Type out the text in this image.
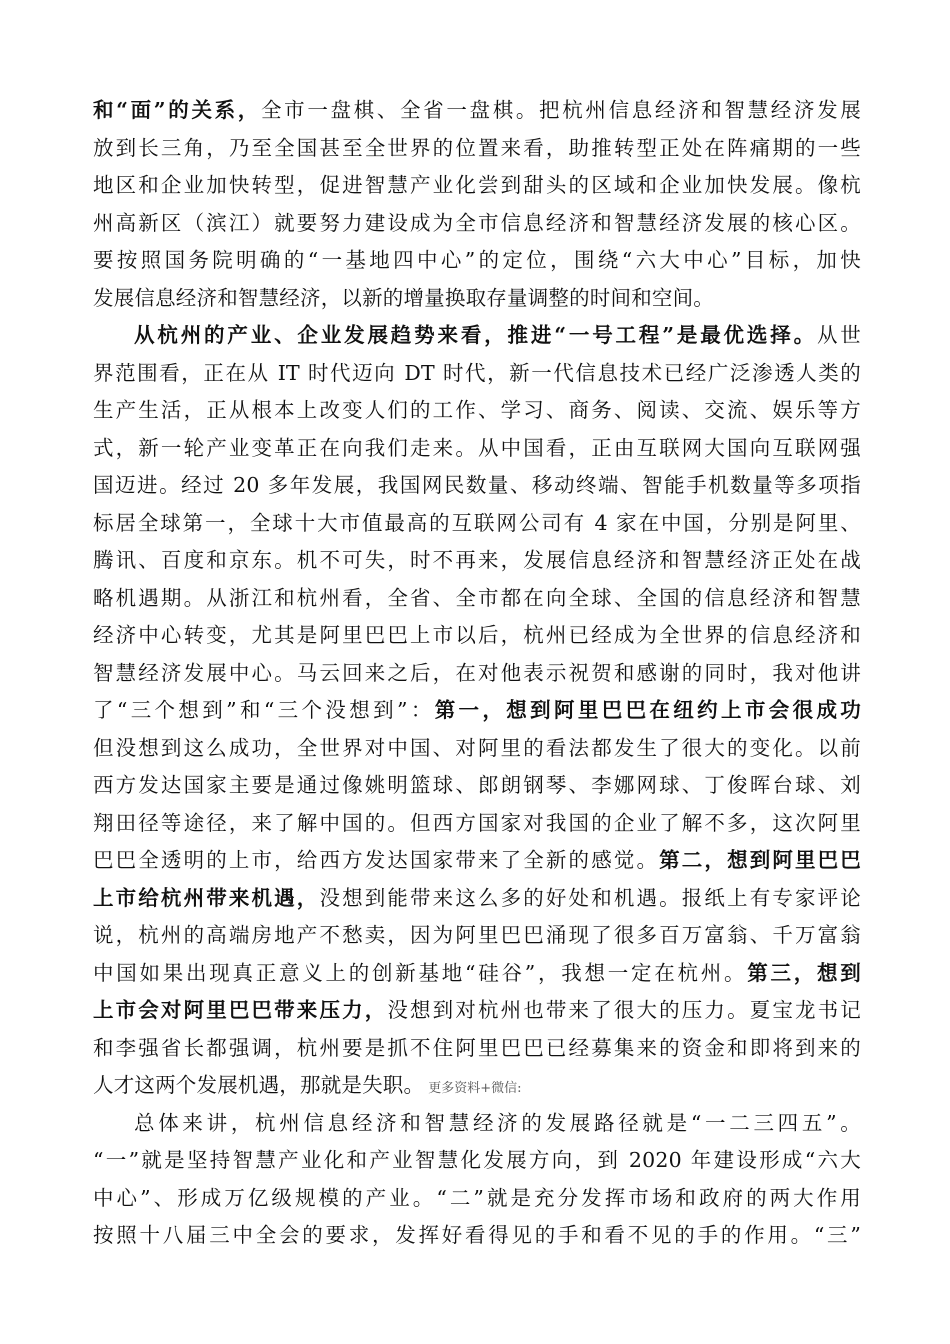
和“面”的关系，全市一盘棋、全省一盘棋。把杭州信息经济和智慧经济发展
放到长三角，乃至全国甚至全世界的位置来看，助推转型正处在阵痛期的一些
地区和企业加快转型，促进智慧产业化尝到甜头的区域和企业加快发展。像杭
州高新区（滨江）就要努力建设成为全市信息经济和智慧经济发展的核心区。
要按照国务院明确的“一基地四中心”的定位，围绕“六大中心”目标，加快
发展信息经济和智慧经济，以新的增量换取存量调整的时间和空间。
从杭州的产业、企业发展趋势来看，推进“一号工程”是最优选择。从世
界范围看，正在从 IT 时代迈向 DT 时代，新一代信息技术已经广泛渗透人类的
生产生活，正从根本上改变人们的工作、学习、商务、阅读、交流、娱乐等方
式，新一轮产业变革正在向我们走来。从中国看，正由互联网大国向互联网强
国迈进。经过 20 多年发展，我国网民数量、移动终端、智能手机数量等多项指
标居全球第一，全球十大市值最高的互联网公司有 4 家在中国，分别是阿里、
腾讯、百度和京东。机不可失，时不再来，发展信息经济和智慧经济正处在战
略机遇期。从浙江和杭州看，全省、全市都在向全球、全国的信息经济和智慧
经济中心转变，尤其是阿里巴巴上市以后，杭州已经成为全世界的信息经济和
智慧经济发展中心。马云回来之后，在对他表示祝贺和感谢的同时，我对他讲
了“三个想到”和“三个没想到”：第一，想到阿里巴巴在纽约上市会很成功
但没想到这么成功，全世界对中国、对阿里的看法都发生了很大的变化。以前
西方发达国家主要是通过像姚明篮球、郎朗钢琴、李娜网球、丁俊晖台球、刘
翔田径等途径，来了解中国的。但西方国家对我国的企业了解不多，这次阿里
巴巴全透明的上市，给西方发达国家带来了全新的感觉。第二，想到阿里巴巴
上市给杭州带来机遇，没想到能带来这么多的好处和机遇。报纸上有专家评论
说，杭州的高端房地产不愁卖，因为阿里巴巴涌现了很多百万富翁、千万富翁
中国如果出现真正意义上的创新基地“硅谷”，我想一定在杭州。第三，想到
上市会对阿里巴巴带来压力，没想到对杭州也带来了很大的压力。夏宝龙书记
和李强省长都强调，杭州要是抓不住阿里巴巴已经募集来的资金和即将到来的
人才这两个发展机遇，那就是失职。 更多资料+微信:
总体来讲，杭州信息经济和智慧经济的发展路径就是“一二三四五”。
“一”就是坚持智慧产业化和产业智慧化发展方向，到 2020 年建设形成“六大
中心”、形成万亿级规模的产业。“二”就是充分发挥市场和政府的两大作用
按照十八届三中全会的要求，发挥好看得见的手和看不见的手的作用。“三”
